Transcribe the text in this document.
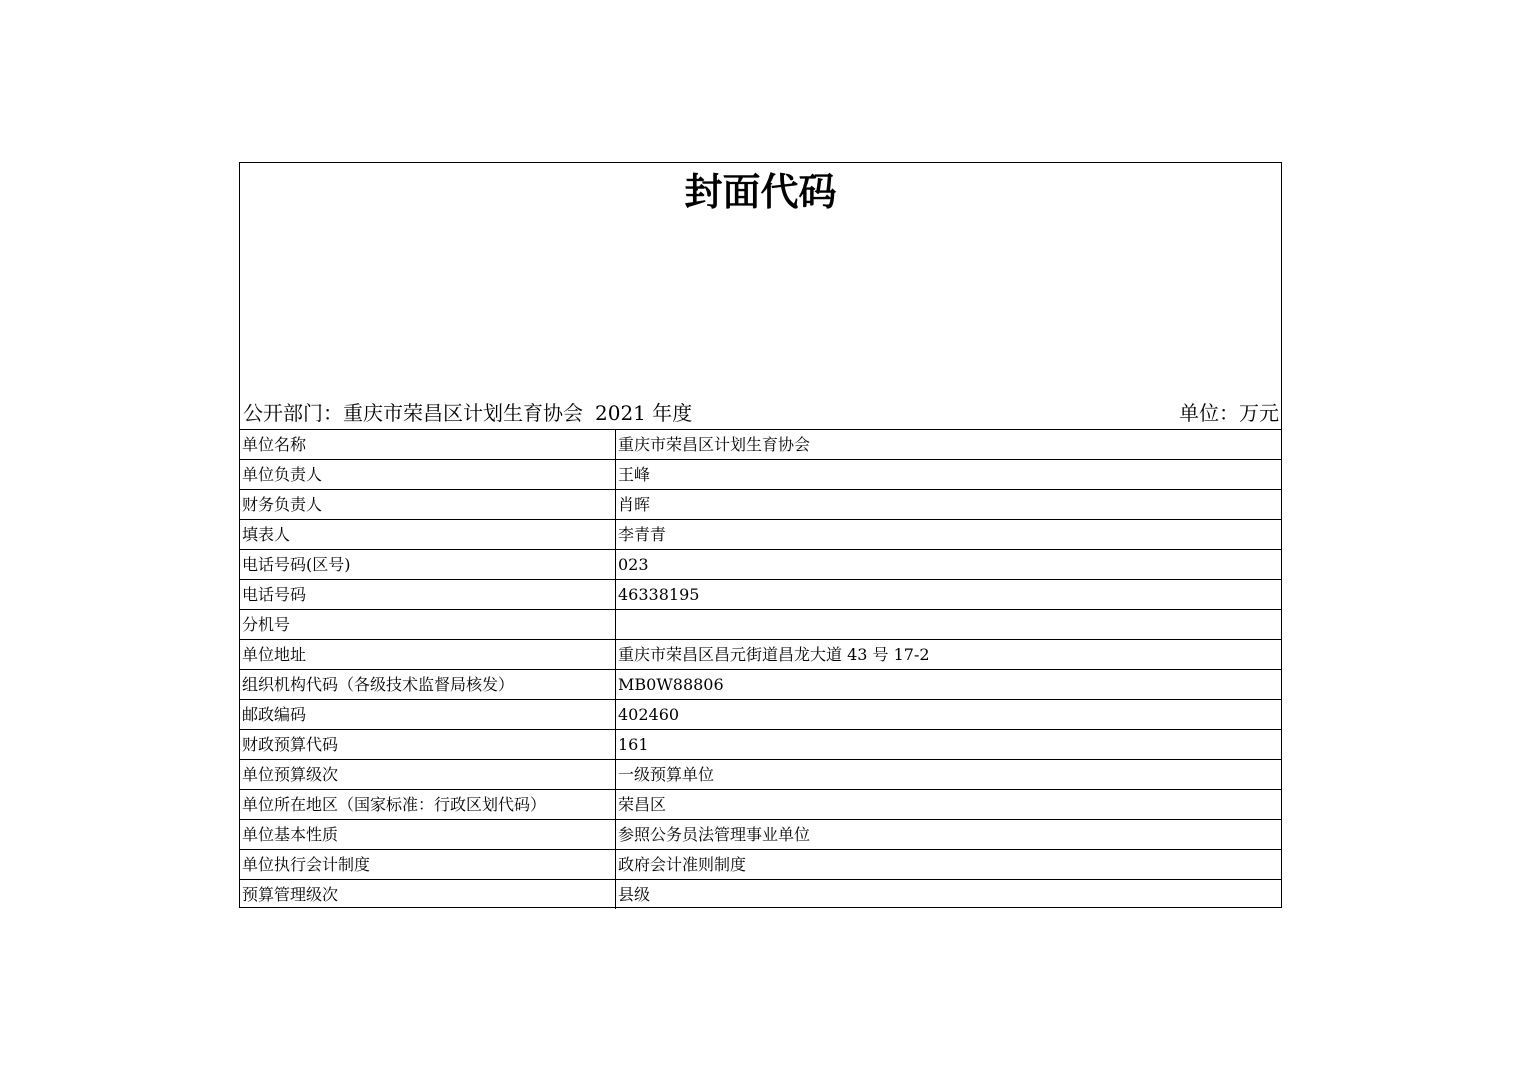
封面代码
公开部门：重庆市荣昌区计划生育协会 2021 年度	单位：万元
单位名称	重庆市荣昌区计划生育协会
单位负责人	王峰
财务负责人	肖晖
填表人	李青青
电话号码(区号)	023
电话号码	46338195
分机号	
单位地址	重庆市荣昌区昌元街道昌龙大道 43 号 17-2
组织机构代码（各级技术监督局核发）	MB0W88806
邮政编码	402460
财政预算代码	161
单位预算级次	一级预算单位
单位所在地区（国家标准：行政区划代码）	荣昌区
单位基本性质	参照公务员法管理事业单位
单位执行会计制度	政府会计准则制度
预算管理级次	县级
